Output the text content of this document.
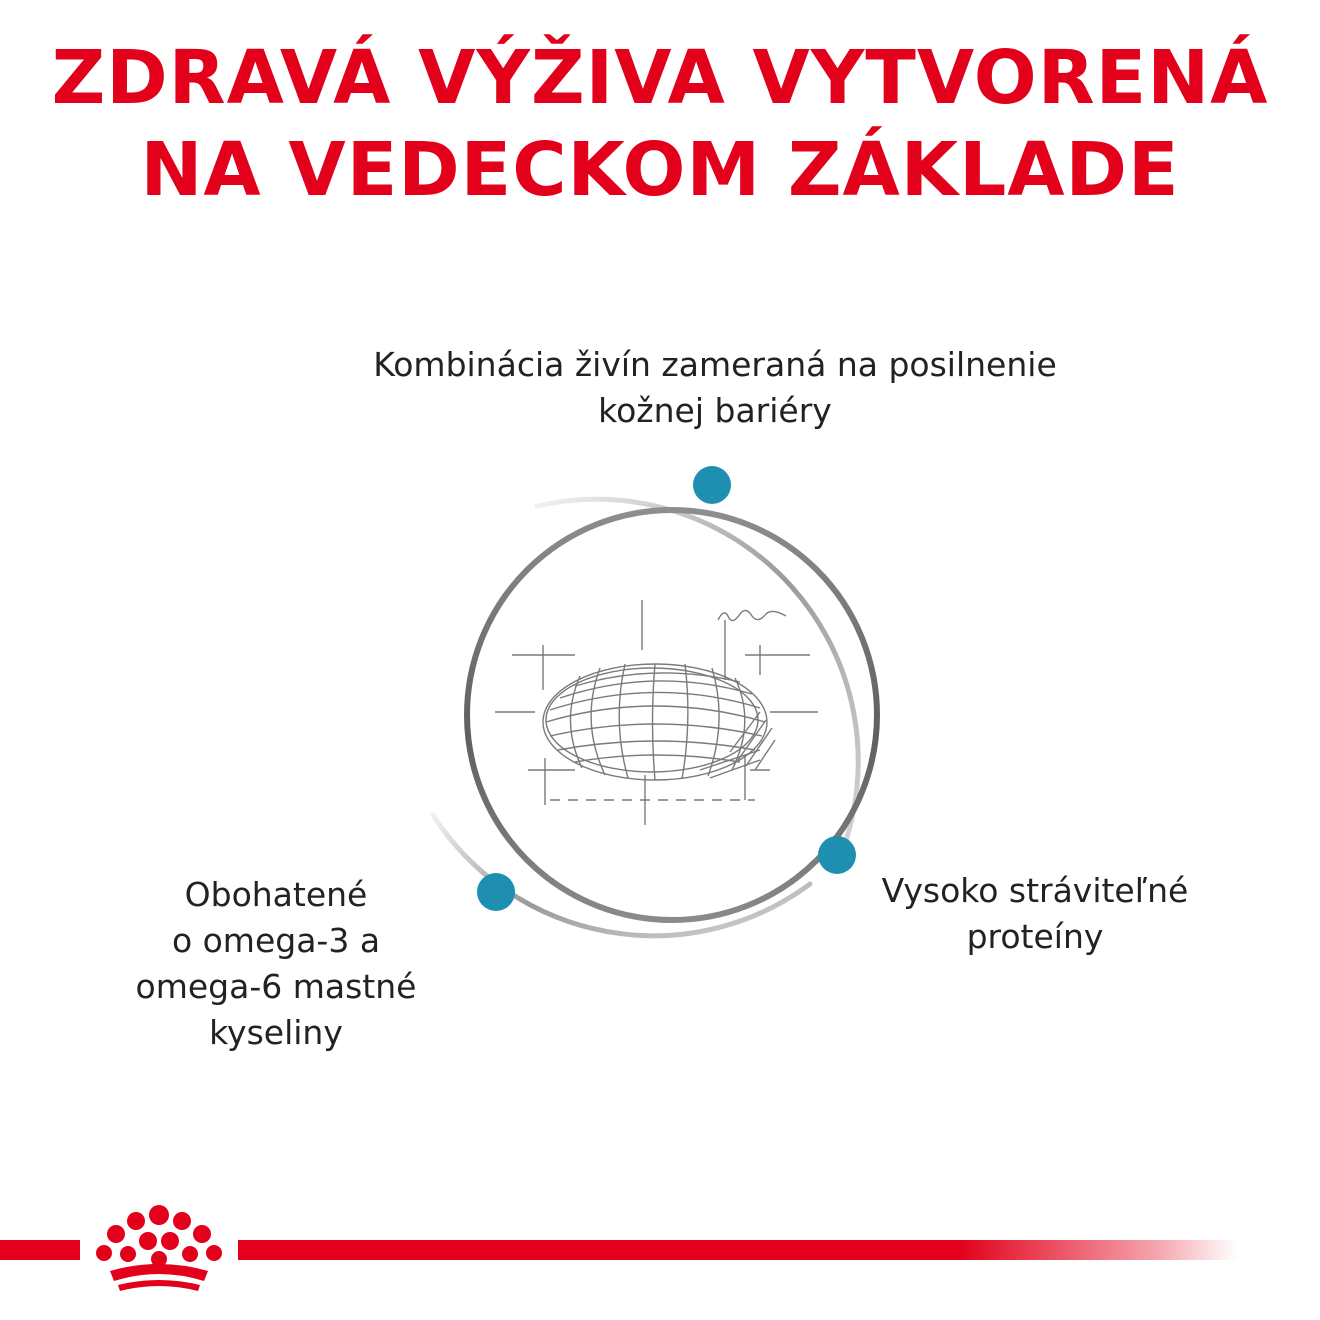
ZDRAVÁ VÝŽIVA VYTVORENÁ
NA VEDECKOM ZÁKLADE
Kombinácia živín zameraná na posilnenie
kožnej bariéry
Obohatené
o omega-3 a
omega-6 mastné
kyseliny
Vysoko stráviteľné
proteíny
